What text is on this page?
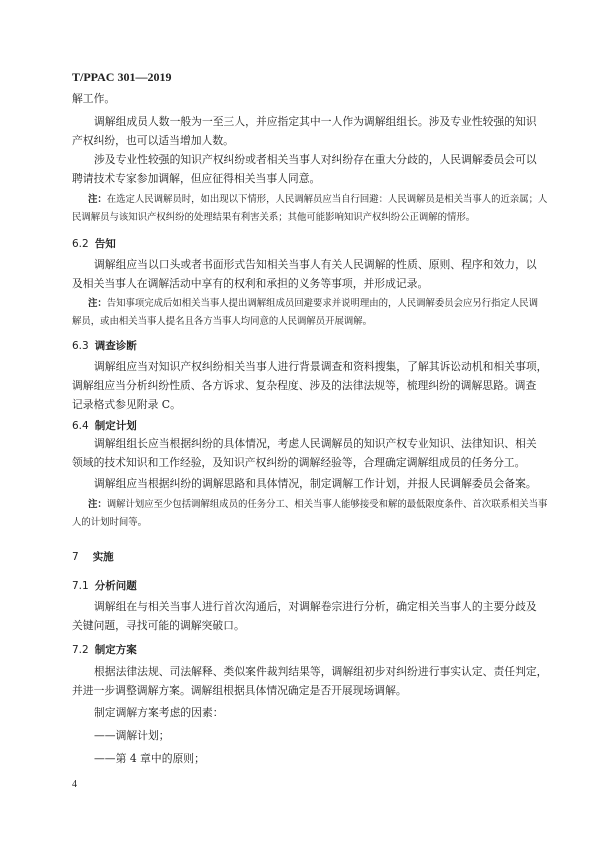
T/PPAC 301—2019
解工作。
调解组成员人数一般为一至三人，并应指定其中一人作为调解组组长。涉及专业性较强的知识
产权纠纷，也可以适当增加人数。
涉及专业性较强的知识产权纠纷或者相关当事人对纠纷存在重大分歧的，人民调解委员会可以
聘请技术专家参加调解，但应征得相关当事人同意。
注：在选定人民调解员时，如出现以下情形，人民调解员应当自行回避：人民调解员是相关当事人的近亲属；人
民调解员与该知识产权纠纷的处理结果有利害关系；其他可能影响知识产权纠纷公正调解的情形。
6.2 告知
调解组应当以口头或者书面形式告知相关当事人有关人民调解的性质、原则、程序和效力，以
及相关当事人在调解活动中享有的权利和承担的义务等事项，并形成记录。
注：告知事项完成后如相关当事人提出调解组成员回避要求并说明理由的，人民调解委员会应另行指定人民调
解员，或由相关当事人提名且各方当事人均同意的人民调解员开展调解。
6.3 调查诊断
调解组应当对知识产权纠纷相关当事人进行背景调查和资料搜集，了解其诉讼动机和相关事项，
调解组应当分析纠纷性质、各方诉求、复杂程度、涉及的法律法规等，梳理纠纷的调解思路。调查
记录格式参见附录 C。
6.4 制定计划
调解组组长应当根据纠纷的具体情况，考虑人民调解员的知识产权专业知识、法律知识、相关
领域的技术知识和工作经验，及知识产权纠纷的调解经验等，合理确定调解组成员的任务分工。
调解组应当根据纠纷的调解思路和具体情况，制定调解工作计划，并报人民调解委员会备案。
注：调解计划应至少包括调解组成员的任务分工、相关当事人能够接受和解的最低限度条件、首次联系相关当事
人的计划时间等。
7 实施
7.1 分析问题
调解组在与相关当事人进行首次沟通后，对调解卷宗进行分析，确定相关当事人的主要分歧及
关键问题，寻找可能的调解突破口。
7.2 制定方案
根据法律法规、司法解释、类似案件裁判结果等，调解组初步对纠纷进行事实认定、责任判定，
并进一步调整调解方案。调解组根据具体情况确定是否开展现场调解。
制定调解方案考虑的因素：
——调解计划；
——第 4 章中的原则；
4
